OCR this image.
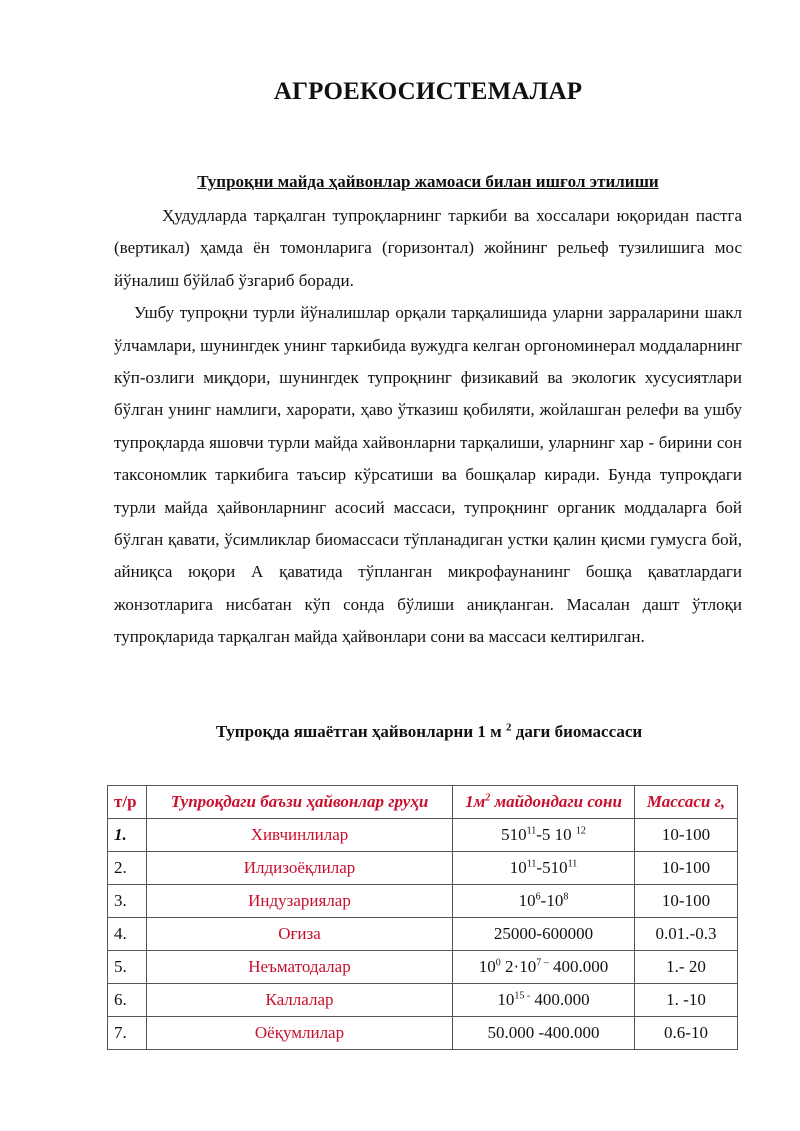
АГРОЕКОСИСТЕМАЛАР
Тупроқни майда ҳайвонлар жамоаси билан ишғол этилиши

Ҳудудларда тарқалган тупроқларнинг таркиби ва хоссалари юқоридан пастга (вертикал) ҳамда ён томонларига (горизонтал) жойнинг рельеф тузилишига мос йўналиш бўйлаб ўзгариб боради.

Ушбу тупроқни турли йўналишлар орқали тарқалишида уларни зарраларини шакл ўлчамлари, шунингдек унинг таркибида вужудга келган оргономинерал моддаларнинг кўп-озлиги миқдори, шунингдек тупроқнинг физикавий ва экологик хусусиятлари бўлган унинг намлиги, харорати, ҳаво ўтказиш қобиляти, жойлашган релефи ва ушбу тупроқларда яшовчи турли майда хайвонларни тарқалиши, уларнинг хар - бирини сон таксономлик таркибига таъсир кўрсатиши ва бошқалар киради. Бунда тупроқдаги турли майда ҳайвонларнинг асосий массаси, тупроқнинг органик моддаларга бой бўлган қавати, ўсимликлар биомассаси тўпланадиган устки қалин қисми гумусга бой, айниқса юқори А қаватида тўпланган микрофаунанинг бошқа қаватлардаги жонзотларига нисбатан кўп сонда бўлиши аниқланган. Масалан дашт ўтлоқи тупроқларида тарқалган майда ҳайвонлари сони ва массаси келтирилган.

Тупроқда яшаётган ҳайвонларни 1 м $^2$ даги биомассаси
т/р	Тупроқдаги баъзи ҳайвонлар груҳи	$1м^2$ майдондаги сони	Массаси г,
1.	Хивчинлилар	$510^{11}-5$ 10 $^{12}$	10-100
2.	Илдизоёқлилар	$10^{11}-510^{11}$	10-100
3.	Индузариялар	$10^6-10^8$	10-100
4.	Оғиза	25000-600000	0.01.-0.3
5.	Неъматодалар	$10^0$ $2\cdot 10^{7 -}$ 400.000	1.- 20
6.	Каллалар	$10^{15 -}$ 400.000	1. -10
7.	Оёқумлилар	50.000 -400.000	0.6-10
